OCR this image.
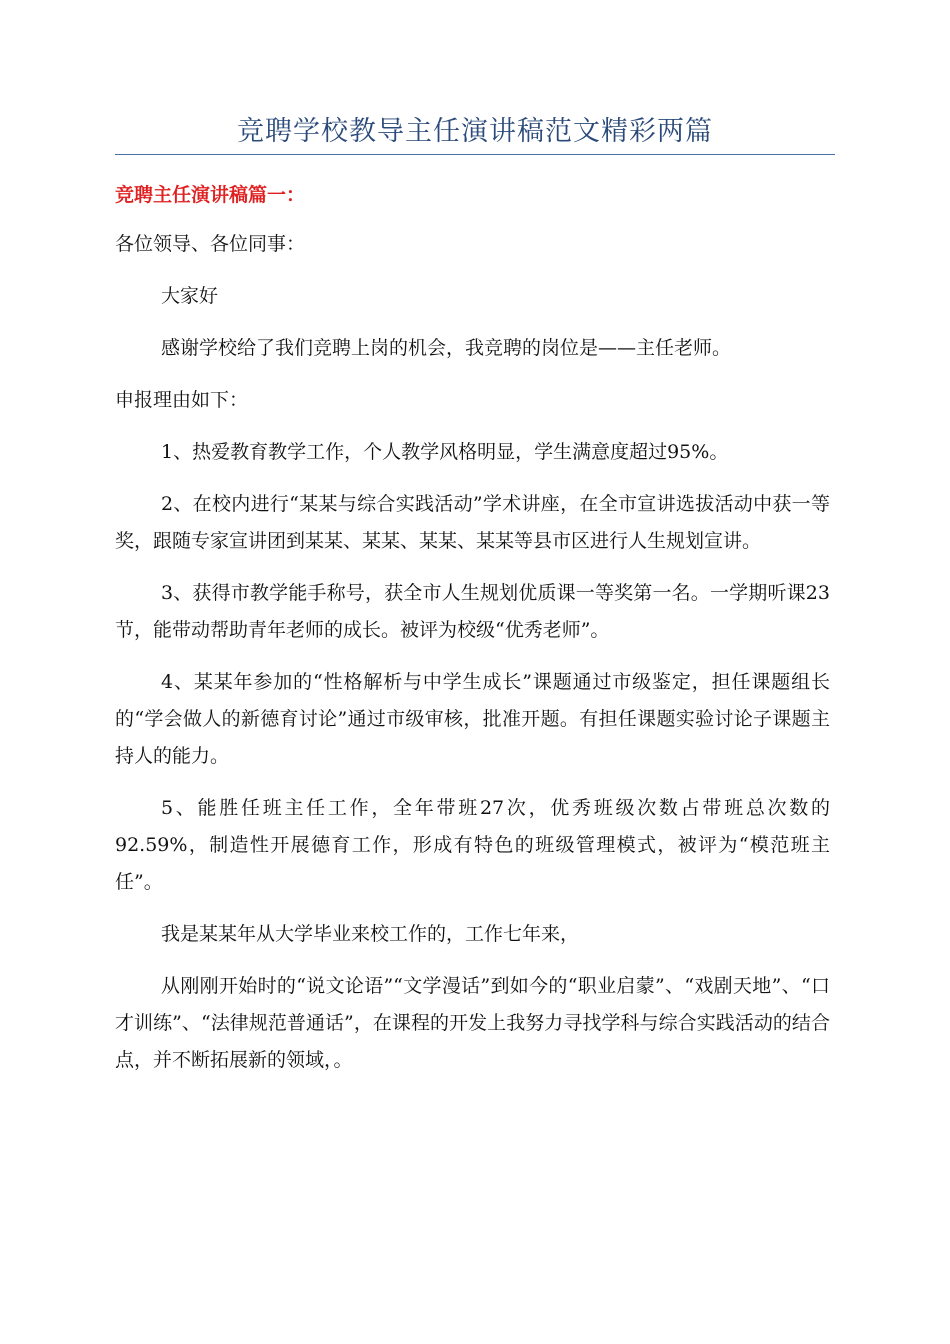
竞聘学校教导主任演讲稿范文精彩两篇
竞聘主任演讲稿篇一：

各位领导、各位同事：

大家好

感谢学校给了我们竞聘上岗的机会，我竞聘的岗位是——主任老师。

申报理由如下：

1、热爱教育教学工作，个人教学风格明显，学生满意度超过95%。

2、在校内进行“某某与综合实践活动”学术讲座，在全市宣讲选拔活动中获一等奖，跟随专家宣讲团到某某、某某、某某、某某等县市区进行人生规划宣讲。

3、获得市教学能手称号，获全市人生规划优质课一等奖第一名。一学期听课23节，能带动帮助青年老师的成长。被评为校级“优秀老师”。

4、某某年参加的“性格解析与中学生成长”课题通过市级鉴定，担任课题组长的“学会做人的新德育讨论”通过市级审核，批准开题。有担任课题实验讨论子课题主持人的能力。

5、能胜任班主任工作，全年带班27次，优秀班级次数占带班总次数的92.59%，制造性开展德育工作，形成有特色的班级管理模式，被评为“模范班主任”。

我是某某年从大学毕业来校工作的，工作七年来，

从刚刚开始时的“说文论语”“文学漫话”到如今的“职业启蒙”、“戏剧天地”、“口才训练”、“法律规范普通话”，在课程的开发上我努力寻找学科与综合实践活动的结合点，并不断拓展新的领域，。
